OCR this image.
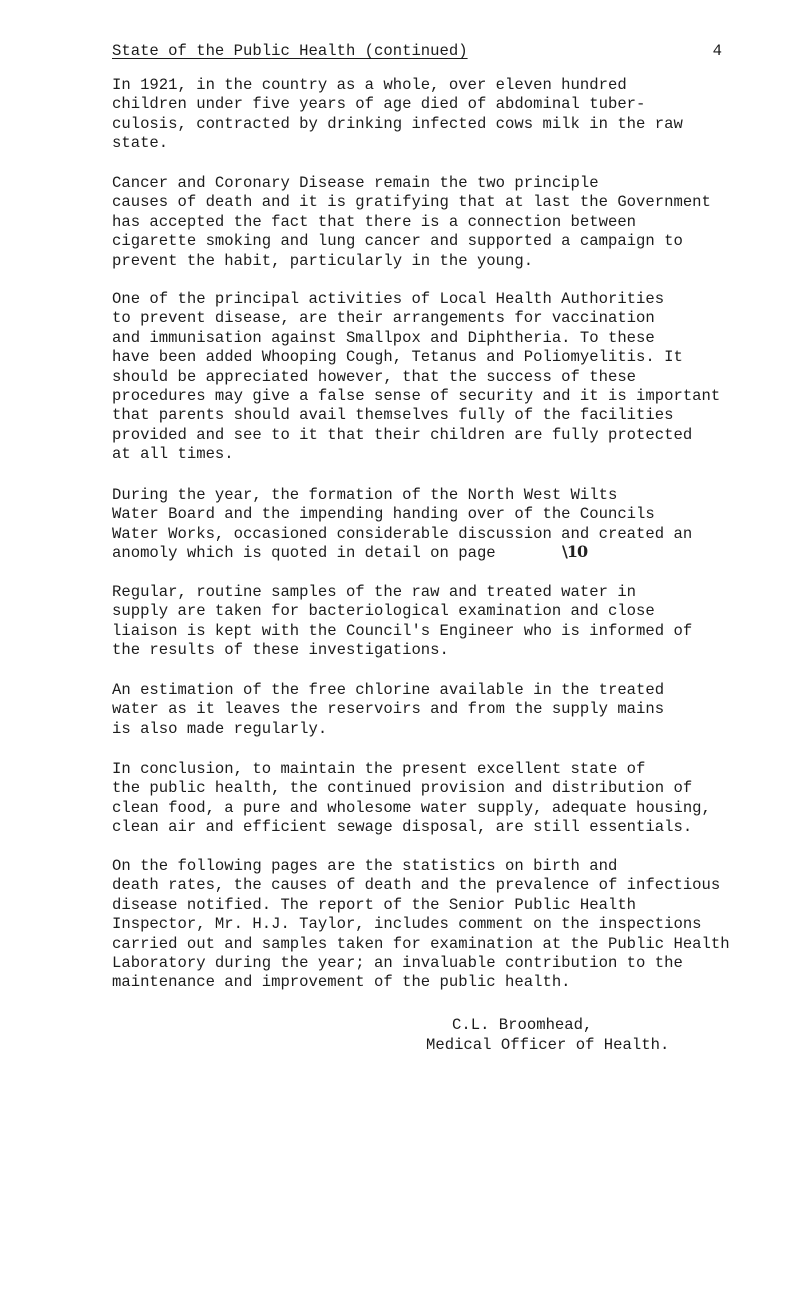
State of the Public Health (continued)	4

In 1921, in the country as a whole, over eleven hundred
children under five years of age died of abdominal tuber-
culosis, contracted by drinking infected cows milk in the raw
state.

Cancer and Coronary Disease remain the two principle
causes of death and it is gratifying that at last the Government
has accepted the fact that there is a connection between
cigarette smoking and lung cancer and supported a campaign to
prevent the habit, particularly in the young.

One of the principal activities of Local Health Authorities
to prevent disease, are their arrangements for vaccination
and immunisation against Smallpox and Diphtheria. To these
have been added Whooping Cough, Tetanus and Poliomyelitis. It
should be appreciated however, that the success of these
procedures may give a false sense of security and it is important
that parents should avail themselves fully of the facilities
provided and see to it that their children are fully protected
at all times.

During the year, the formation of the North West Wilts
Water Board and the impending handing over of the Councils
Water Works, occasioned considerable discussion and created an
anomoly which is quoted in detail on page	\10

Regular, routine samples of the raw and treated water in
supply are taken for bacteriological examination and close
liaison is kept with the Council's Engineer who is informed of
the results of these investigations.

An estimation of the free chlorine available in the treated
water as it leaves the reservoirs and from the supply mains
is also made regularly.

In conclusion, to maintain the present excellent state of
the public health, the continued provision and distribution of
clean food, a pure and wholesome water supply, adequate housing,
clean air and efficient sewage disposal, are still essentials.

On the following pages are the statistics on birth and
death rates, the causes of death and the prevalence of infectious
disease notified. The report of the Senior Public Health
Inspector, Mr. H.J. Taylor, includes comment on the inspections
carried out and samples taken for examination at the Public Health
Laboratory during the year; an invaluable contribution to the
maintenance and improvement of the public health.

C.L. Broomhead,

Medical Officer of Health.
